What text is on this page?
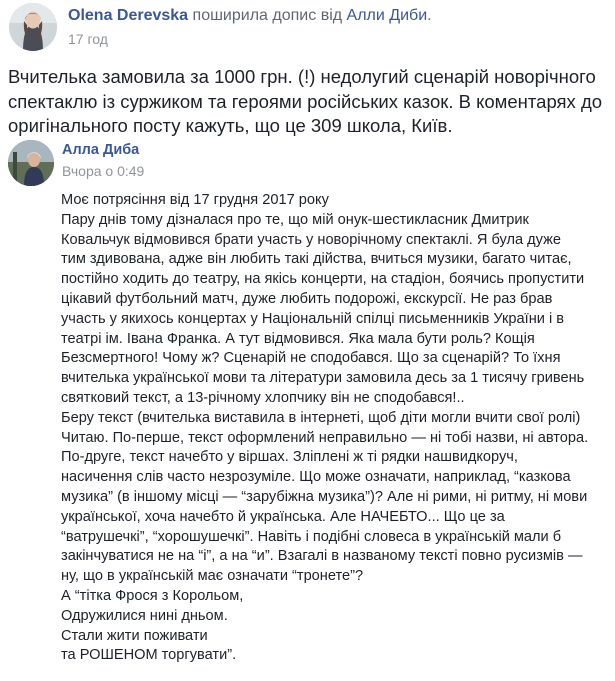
Olena Derevska поширила допис від Алли Диби.
17 год
Вчителька замовила за 1000 грн. (!) недолугий сценарій новорічного
спектаклю із суржиком та героями російських казок. В коментарях до
оригінального посту кажуть, що це 309 школа, Київ.
Алла Диба
Вчора о 0:49
Моє потрясіння від 17 грудня 2017 року
Пару днів тому дізналася про те, що мій онук-шестикласник Дмитрик
Ковальчук відмовився брати участь у новорічному спектаклі. Я була дуже
тим здивована, адже він любить такі дійства, вчиться музики, багато читає,
постійно ходить до театру, на якісь концерти, на стадіон, боячись пропустити
цікавий футбольний матч, дуже любить подорожі, екскурсії. Не раз брав
участь у якихось концертах у Національній спілці письменників України і в
театрі ім. Івана Франка. А тут відмовився. Яка мала бути роль? Кощія
Безсмертного! Чому ж? Сценарій не сподобався. Що за сценарій? То їхня
вчителька української мови та літератури замовила десь за 1 тисячу гривень
святковий текст, а 13-річному хлопчику він не сподобався!..
Беру текст (вчителька виставила в інтернеті, щоб діти могли вчити свої ролі)
Читаю. По-перше, текст оформлений неправильно — ні тобі назви, ні автора.
По-друге, текст начебто у віршах. Зліплені ж ті рядки нашвидкоруч,
насичення слів часто незрозуміле. Що може означати, наприклад, “казкова
музика” (в іншому місці — “зарубіжна музика”)? Але ні рими, ні ритму, ні мови
української, хоча начебто й українська. Але НАЧЕБТО... Що це за
“ватрушечкі”, “хорошушечкі”. Навіть і подібні словеса в українській мали б
закінчуватися не на “і”, а на “и”. Взагалі в названому тексті повно русизмів —
ну, що в українській має означати “тронете”?
А “тітка Фрося з Корольом,
Одружилися нині дньом.
Стали жити поживати
та РОШЕНОМ торгувати”.
